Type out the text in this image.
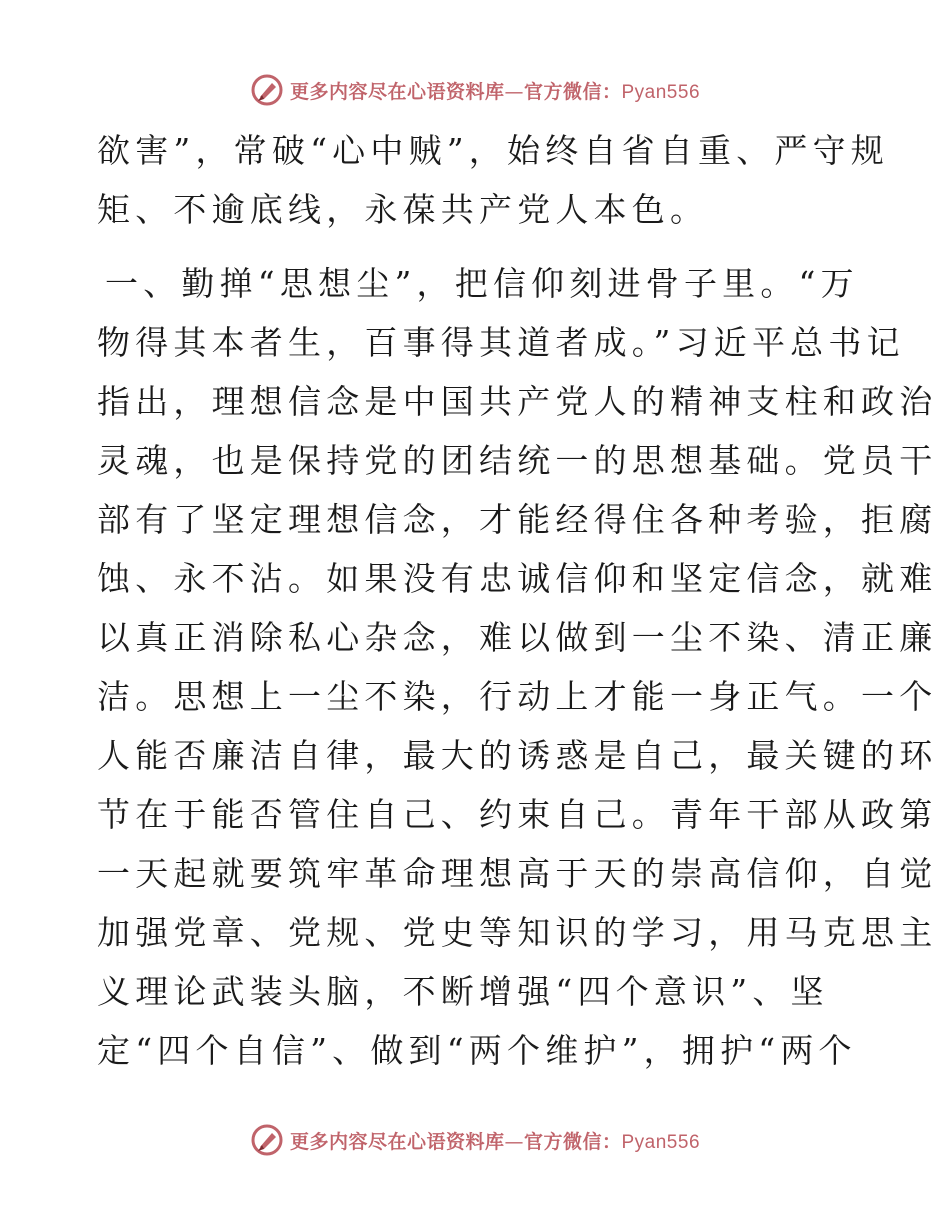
更多内容尽在心语资料库—官方微信：Pyan556
欲害”，常破“心中贼”，始终自省自重、严守规
矩、不逾底线，永葆共产党人本色。
一、勤掸“思想尘”，把信仰刻进骨子里。“万
物得其本者生，百事得其道者成。”习近平总书记
指出，理想信念是中国共产党人的精神支柱和政治
灵魂，也是保持党的团结统一的思想基础。党员干
部有了坚定理想信念，才能经得住各种考验，拒腐
蚀、永不沾。如果没有忠诚信仰和坚定信念，就难
以真正消除私心杂念，难以做到一尘不染、清正廉
洁。思想上一尘不染，行动上才能一身正气。一个
人能否廉洁自律，最大的诱惑是自己，最关键的环
节在于能否管住自己、约束自己。青年干部从政第
一天起就要筑牢革命理想高于天的崇高信仰，自觉
加强党章、党规、党史等知识的学习，用马克思主
义理论武装头脑，不断增强“四个意识”、坚
定“四个自信”、做到“两个维护”，拥护“两个
更多内容尽在心语资料库—官方微信：Pyan556
